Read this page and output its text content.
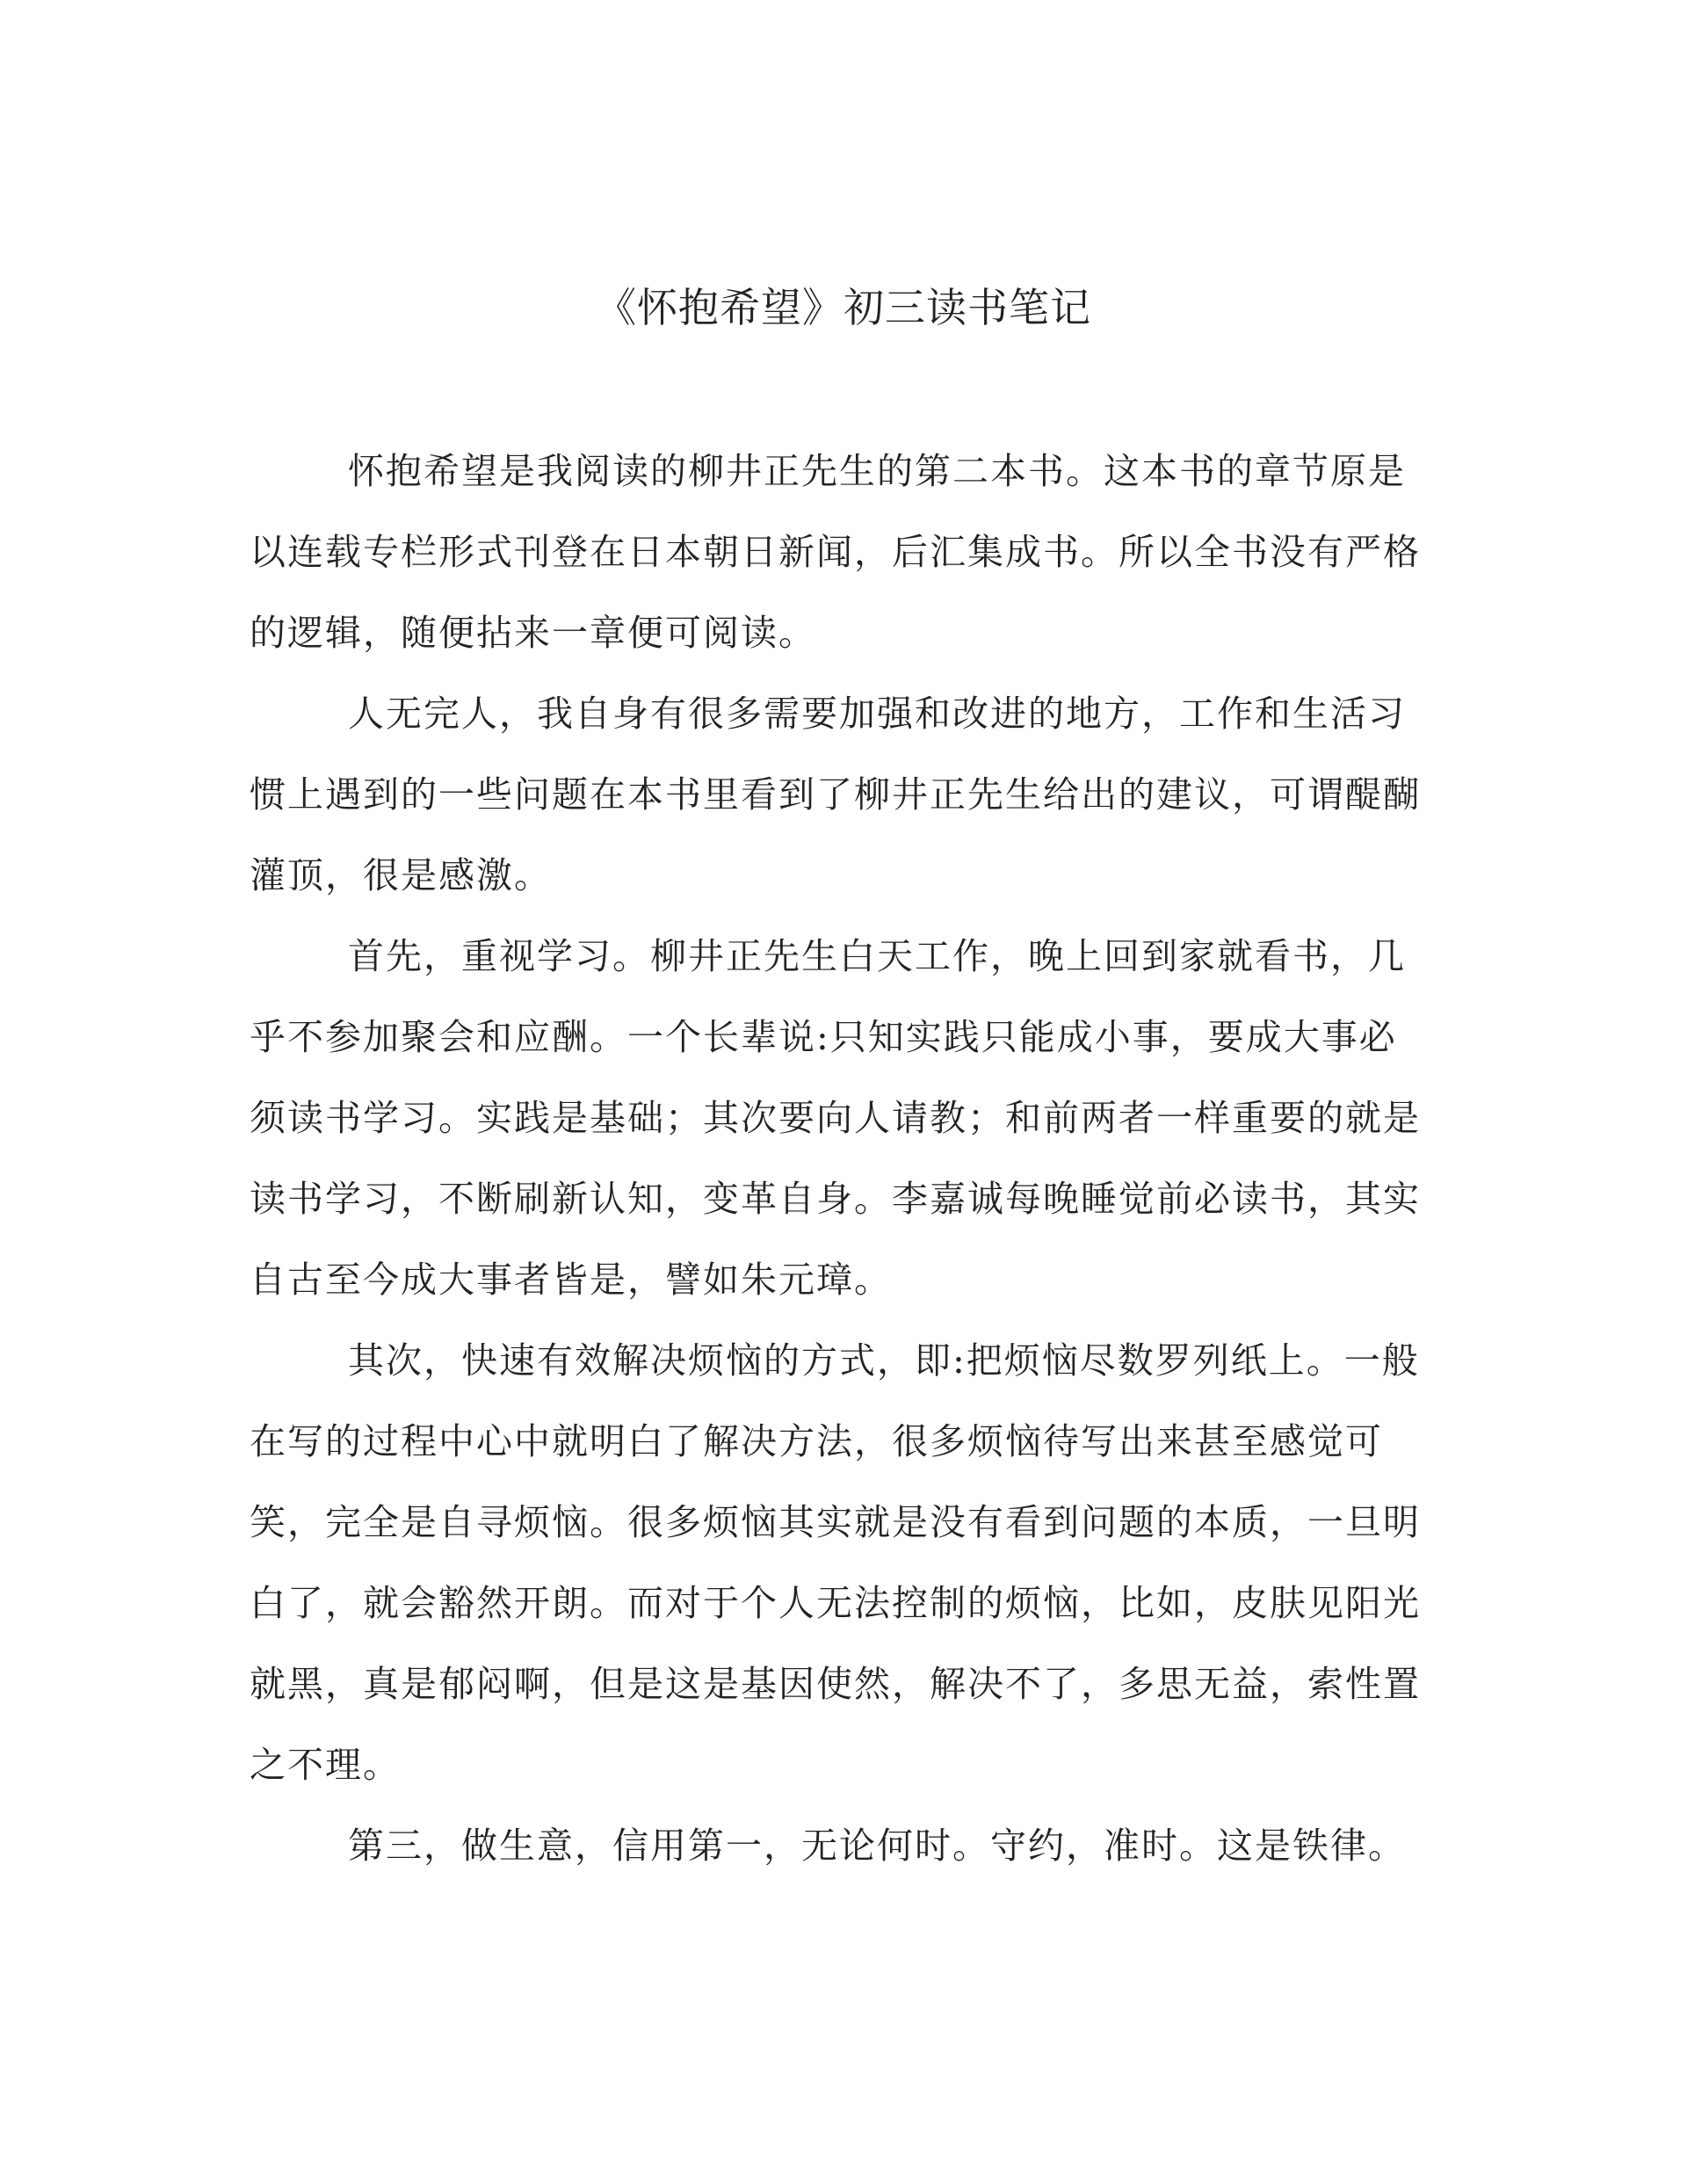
《怀抱希望》初三读书笔记

怀抱希望是我阅读的柳井正先生的第二本书。这本书的章节原是以连载专栏形式刊登在日本朝日新闻，后汇集成书。所以全书没有严格的逻辑，随便拈来一章便可阅读。

人无完人，我自身有很多需要加强和改进的地方，工作和生活习惯上遇到的一些问题在本书里看到了柳井正先生给出的建议，可谓醍醐灌顶，很是感激。

首先，重视学习。柳井正先生白天工作，晚上回到家就看书，几乎不参加聚会和应酬。一个长辈说:只知实践只能成小事，要成大事必须读书学习。实践是基础；其次要向人请教；和前两者一样重要的就是读书学习，不断刷新认知，变革自身。李嘉诚每晚睡觉前必读书，其实自古至今成大事者皆是，譬如朱元璋。

其次，快速有效解决烦恼的方式，即:把烦恼尽数罗列纸上。一般在写的过程中心中就明白了解决方法，很多烦恼待写出来甚至感觉可笑，完全是自寻烦恼。很多烦恼其实就是没有看到问题的本质，一旦明白了，就会豁然开朗。而对于个人无法控制的烦恼，比如，皮肤见阳光就黑，真是郁闷啊，但是这是基因使然，解决不了，多思无益，索性置之不理。

第三，做生意，信用第一，无论何时。守约，准时。这是铁律。
